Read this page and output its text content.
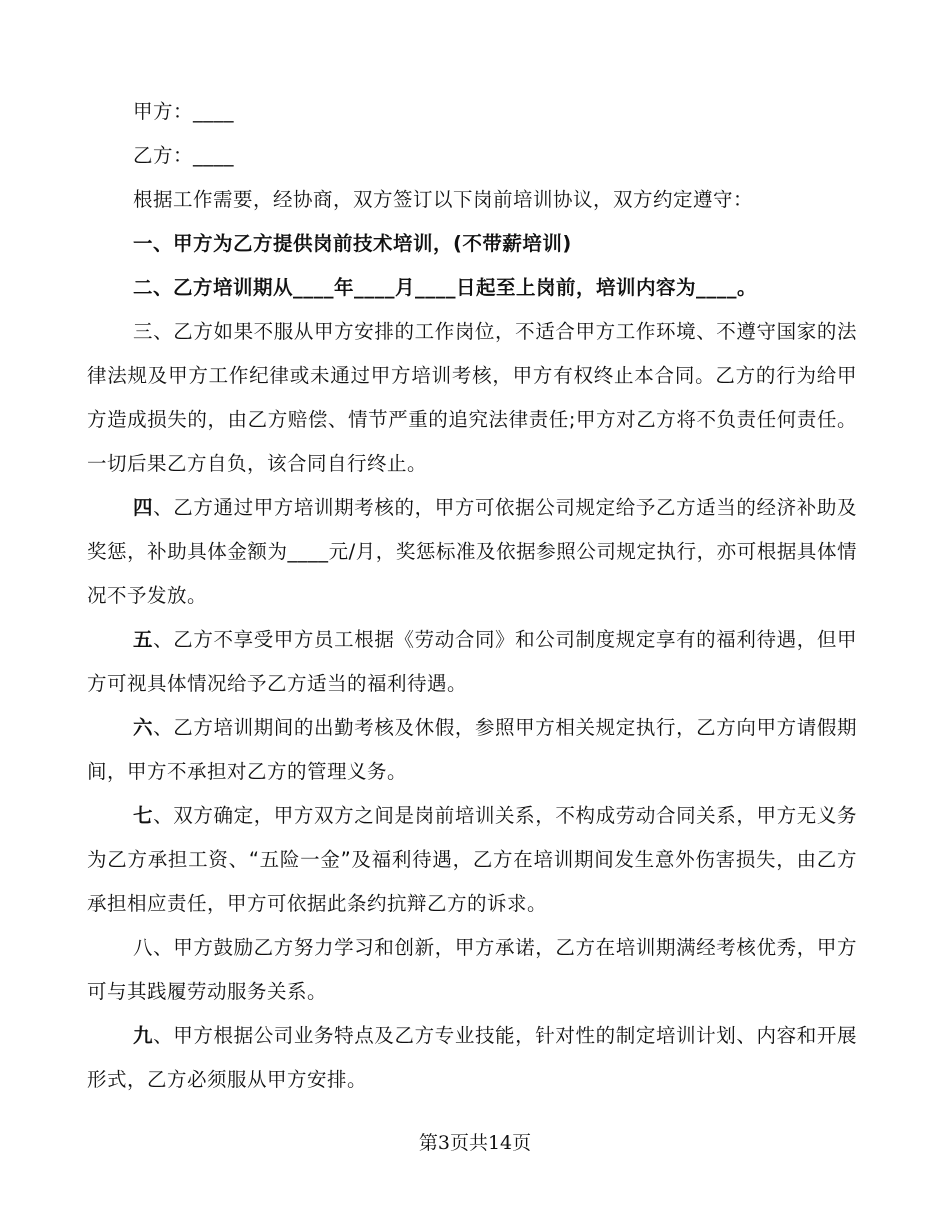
甲方：____
乙方：____
根据工作需要，经协商，双方签订以下岗前培训协议，双方约定遵守：
一、甲方为乙方提供岗前技术培训，(不带薪培训)
二、乙方培训期从____年____月____日起至上岗前，培训内容为____。
三、乙方如果不服从甲方安排的工作岗位，不适合甲方工作环境、不遵守国家的法律法规及甲方工作纪律或未通过甲方培训考核，甲方有权终止本合同。乙方的行为给甲方造成损失的，由乙方赔偿、情节严重的追究法律责任;甲方对乙方将不负责任何责任。一切后果乙方自负，该合同自行终止。
四、乙方通过甲方培训期考核的，甲方可依据公司规定给予乙方适当的经济补助及奖惩，补助具体金额为____元/月，奖惩标准及依据参照公司规定执行，亦可根据具体情况不予发放。
五、乙方不享受甲方员工根据《劳动合同》和公司制度规定享有的福利待遇，但甲方可视具体情况给予乙方适当的福利待遇。
六、乙方培训期间的出勤考核及休假，参照甲方相关规定执行，乙方向甲方请假期间，甲方不承担对乙方的管理义务。
七、双方确定，甲方双方之间是岗前培训关系，不构成劳动合同关系，甲方无义务为乙方承担工资、“五险一金”及福利待遇，乙方在培训期间发生意外伤害损失，由乙方承担相应责任，甲方可依据此条约抗辩乙方的诉求。
八、甲方鼓励乙方努力学习和创新，甲方承诺，乙方在培训期满经考核优秀，甲方可与其践履劳动服务关系。
九、甲方根据公司业务特点及乙方专业技能，针对性的制定培训计划、内容和开展形式，乙方必须服从甲方安排。
第3页共14页
